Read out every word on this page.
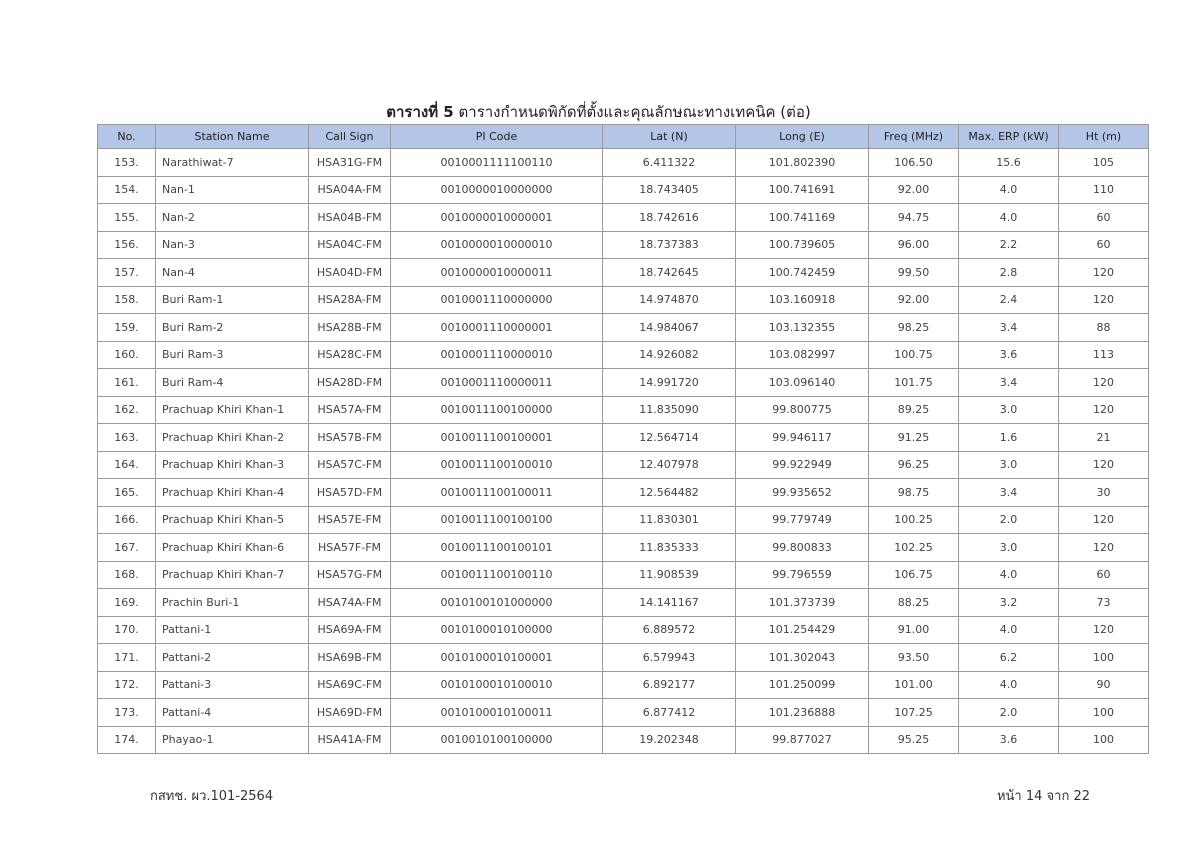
ตารางที่ 5 ตารางกำหนดพิกัดที่ตั้งและคุณลักษณะทางเทคนิค (ต่อ)
No.	Station Name	Call Sign	PI Code	Lat (N)	Long (E)	Freq (MHz)	Max. ERP (kW)	Ht (m)
153.	Narathiwat-7	HSA31G-FM	0010001111100110	6.411322	101.802390	106.50	15.6	105
154.	Nan-1	HSA04A-FM	0010000010000000	18.743405	100.741691	92.00	4.0	110
155.	Nan-2	HSA04B-FM	0010000010000001	18.742616	100.741169	94.75	4.0	60
156.	Nan-3	HSA04C-FM	0010000010000010	18.737383	100.739605	96.00	2.2	60
157.	Nan-4	HSA04D-FM	0010000010000011	18.742645	100.742459	99.50	2.8	120
158.	Buri Ram-1	HSA28A-FM	0010001110000000	14.974870	103.160918	92.00	2.4	120
159.	Buri Ram-2	HSA28B-FM	0010001110000001	14.984067	103.132355	98.25	3.4	88
160.	Buri Ram-3	HSA28C-FM	0010001110000010	14.926082	103.082997	100.75	3.6	113
161.	Buri Ram-4	HSA28D-FM	0010001110000011	14.991720	103.096140	101.75	3.4	120
162.	Prachuap Khiri Khan-1	HSA57A-FM	0010011100100000	11.835090	99.800775	89.25	3.0	120
163.	Prachuap Khiri Khan-2	HSA57B-FM	0010011100100001	12.564714	99.946117	91.25	1.6	21
164.	Prachuap Khiri Khan-3	HSA57C-FM	0010011100100010	12.407978	99.922949	96.25	3.0	120
165.	Prachuap Khiri Khan-4	HSA57D-FM	0010011100100011	12.564482	99.935652	98.75	3.4	30
166.	Prachuap Khiri Khan-5	HSA57E-FM	0010011100100100	11.830301	99.779749	100.25	2.0	120
167.	Prachuap Khiri Khan-6	HSA57F-FM	0010011100100101	11.835333	99.800833	102.25	3.0	120
168.	Prachuap Khiri Khan-7	HSA57G-FM	0010011100100110	11.908539	99.796559	106.75	4.0	60
169.	Prachin Buri-1	HSA74A-FM	0010100101000000	14.141167	101.373739	88.25	3.2	73
170.	Pattani-1	HSA69A-FM	0010100010100000	6.889572	101.254429	91.00	4.0	120
171.	Pattani-2	HSA69B-FM	0010100010100001	6.579943	101.302043	93.50	6.2	100
172.	Pattani-3	HSA69C-FM	0010100010100010	6.892177	101.250099	101.00	4.0	90
173.	Pattani-4	HSA69D-FM	0010100010100011	6.877412	101.236888	107.25	2.0	100
174.	Phayao-1	HSA41A-FM	0010010100100000	19.202348	99.877027	95.25	3.6	100
กสทช. ผว.101-2564	หน้า 14 จาก 22
